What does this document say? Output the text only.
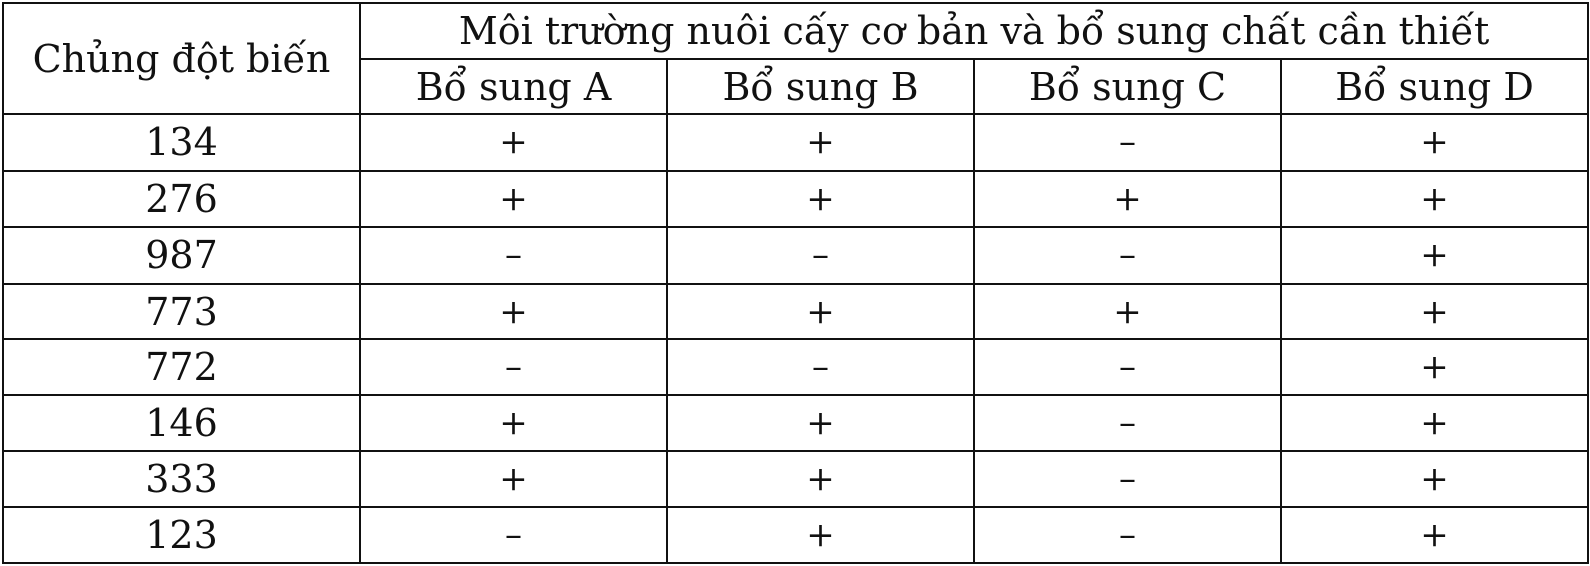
Chủng đột biến	Môi trường nuôi cấy cơ bản và bổ sung chất cần thiết			
	Bổ sung A	Bổ sung B	Bổ sung C	Bổ sung D
134	+	+	–	+
276	+	+	+	+
987	–	–	–	+
773	+	+	+	+
772	–	–	–	+
146	+	+	–	+
333	+	+	–	+
123	–	+	–	+
